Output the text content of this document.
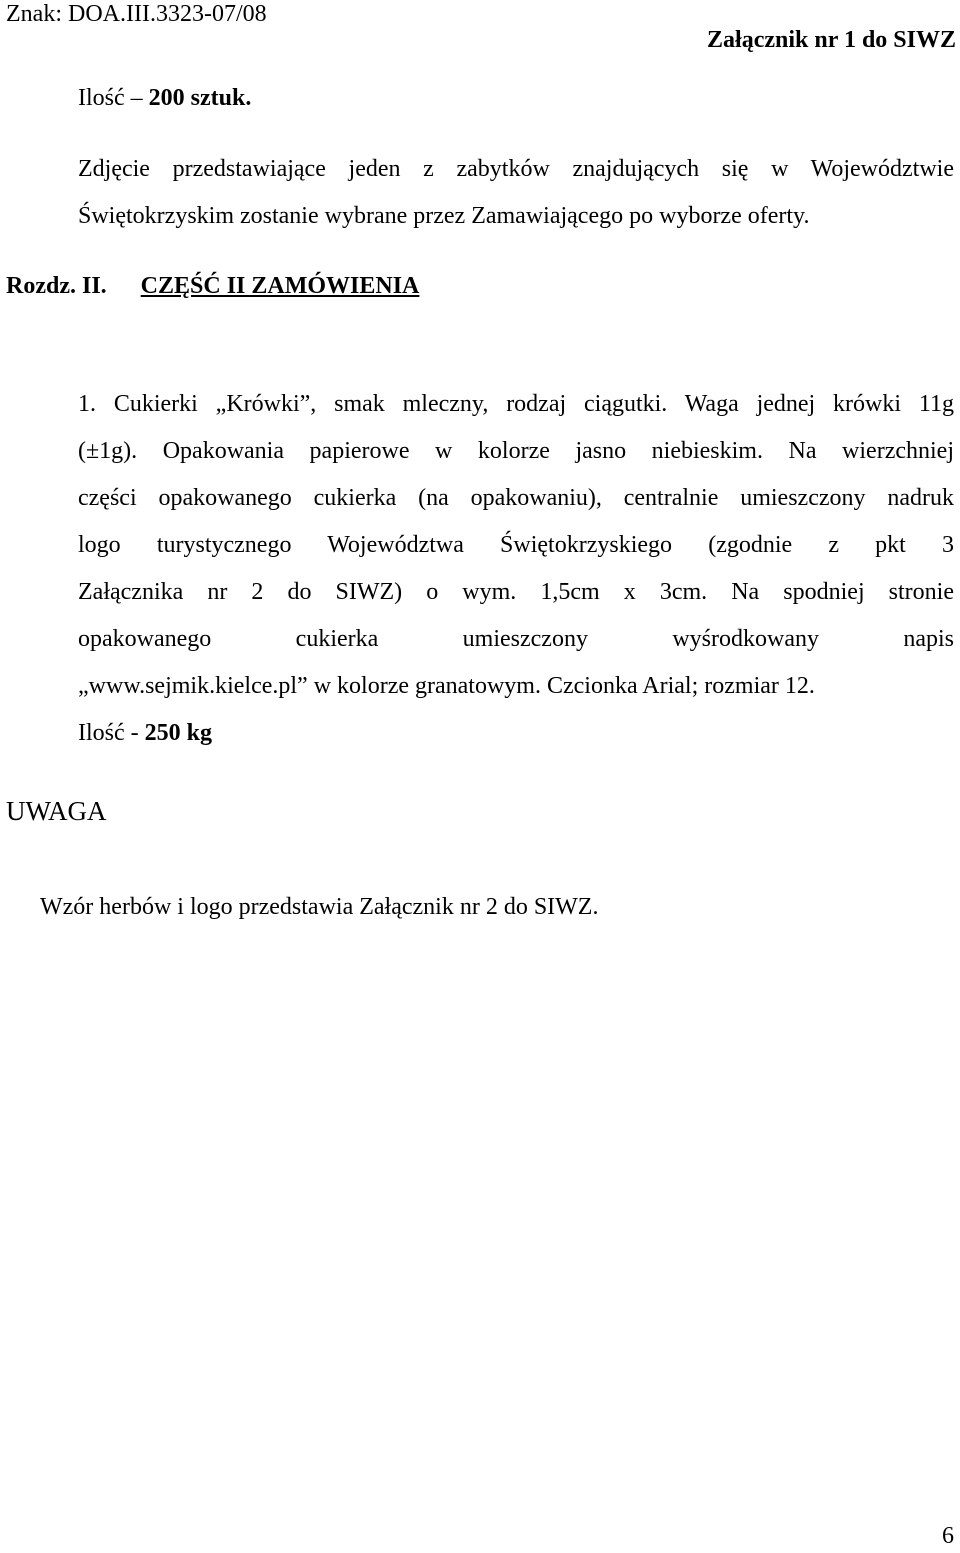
Znak: DOA.III.3323-07/08

Załącznik nr 1 do SIWZ

Ilość – 200 sztuk.

Zdjęcie przedstawiające jeden z zabytków znajdujących się w Województwie

Świętokrzyskim zostanie wybrane przez Zamawiającego po wyborze oferty.

Rozdz. II. CZĘŚĆ II ZAMÓWIENIA

1. Cukierki „Krówki”, smak mleczny, rodzaj ciągutki. Waga jednej krówki 11g

(±1g). Opakowania papierowe w kolorze jasno niebieskim. Na wierzchniej

części opakowanego cukierka (na opakowaniu), centralnie umieszczony nadruk

logo turystycznego Województwa Świętokrzyskiego (zgodnie z pkt 3

Załącznika nr 2 do SIWZ) o wym. 1,5cm x 3cm. Na spodniej stronie

opakowanego cukierka umieszczony wyśrodkowany napis

„www.sejmik.kielce.pl” w kolorze granatowym. Czcionka Arial; rozmiar 12.

Ilość - 250 kg

UWAGA

Wzór herbów i logo przedstawia Załącznik nr 2 do SIWZ.

6
